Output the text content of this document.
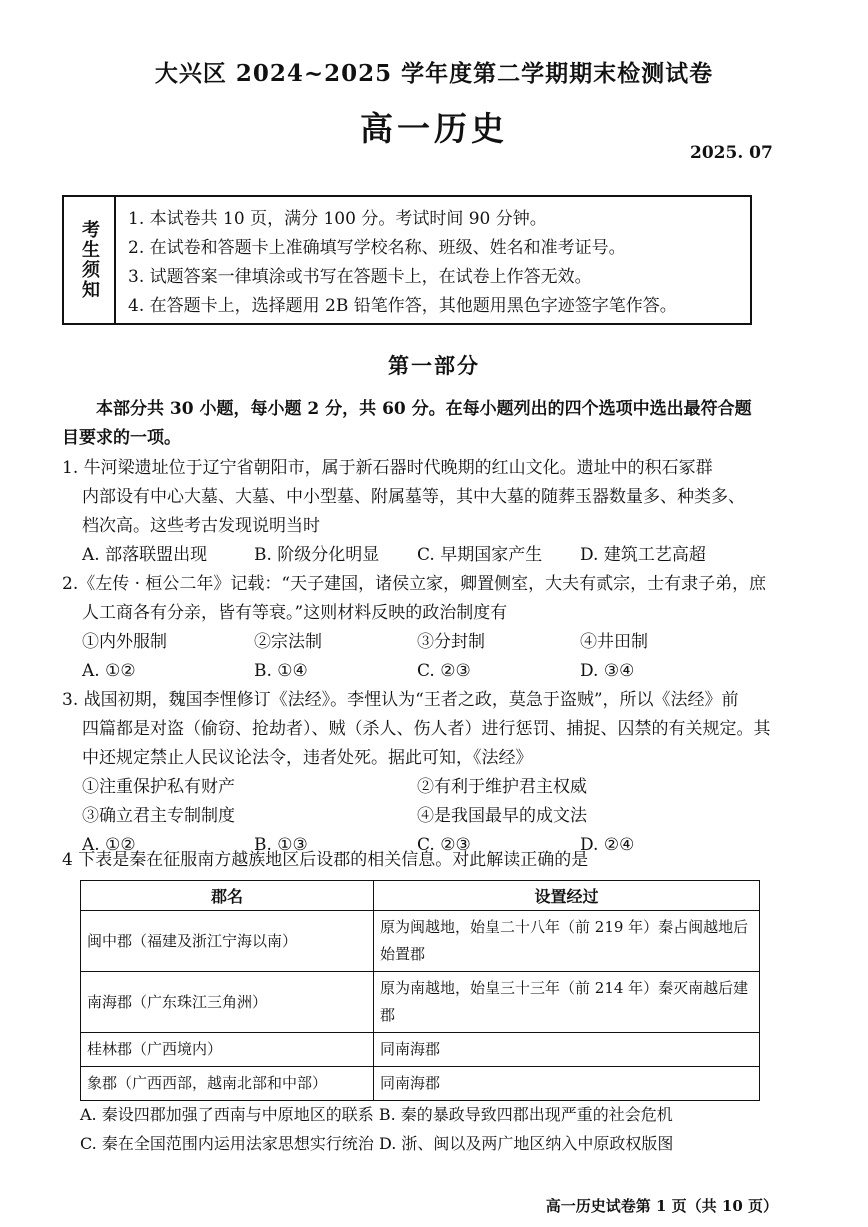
大兴区 2024~2025 学年度第二学期期末检测试卷
高一历史
2025. 07
考生须知
1. 本试卷共 10 页，满分 100 分。考试时间 90 分钟。
2. 在试卷和答题卡上准确填写学校名称、班级、姓名和准考证号。
3. 试题答案一律填涂或书写在答题卡上，在试卷上作答无效。
4. 在答题卡上，选择题用 2B 铅笔作答，其他题用黑色字迹签字笔作答。
第一部分
本部分共 30 小题，每小题 2 分，共 60 分。在每小题列出的四个选项中选出最符合题目要求的一项。
1. 牛河梁遗址位于辽宁省朝阳市，属于新石器时代晚期的红山文化。遗址中的积石冢群
内部设有中心大墓、大墓、中小型墓、附属墓等，其中大墓的随葬玉器数量多、种类多、
档次高。这些考古发现说明当时
A. 部落联盟出现	B. 阶级分化明显 C. 早期国家产生 D. 建筑工艺高超
2.《左传 · 桓公二年》记载：“天子建国，诸侯立家，卿置侧室，大夫有贰宗，士有隶子弟，庶
人工商各有分亲，皆有等衰。”这则材料反映的政治制度有
①内外服制	②宗法制	③分封制	④井田制
A. ①②	B. ①④	C. ②③	D. ③④
3. 战国初期，魏国李悝修订《法经》。李悝认为“王者之政，莫急于盗贼”，所以《法经》前
四篇都是对盗（偷窃、抢劫者）、贼（杀人、伤人者）进行惩罚、捕捉、囚禁的有关规定。其
中还规定禁止人民议论法令，违者处死。据此可知，《法经》
①注重保护私有财产	②有利于维护君主权威
③确立君主专制制度	④是我国最早的成文法
A. ①②	B. ①③	C. ②③	D. ②④
4 下表是秦在征服南方越族地区后设郡的相关信息。对此解读正确的是
郡名	设置经过
闽中郡（福建及浙江宁海以南）	原为闽越地，始皇二十八年（前 219 年）秦占闽越地后始置郡
南海郡（广东珠江三角洲）	原为南越地，始皇三十三年（前 214 年）秦灭南越后建郡
桂林郡（广西境内）	同南海郡
象郡（广西西部，越南北部和中部）	同南海郡
A. 秦设四郡加强了西南与中原地区的联系 B. 秦的暴政导致四郡出现严重的社会危机
C. 秦在全国范围内运用法家思想实行统治 D. 浙、闽以及两广地区纳入中原政权版图
高一历史试卷第 1 页（共 10 页）
